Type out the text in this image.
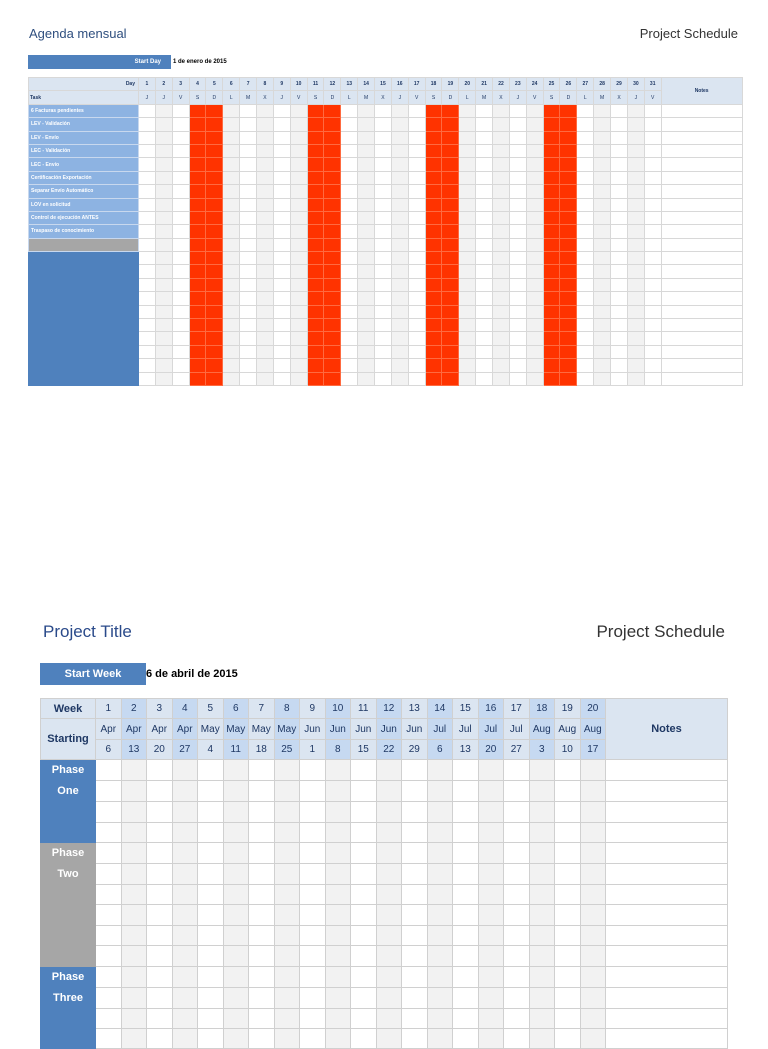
Agenda mensual	Project Schedule
Start Day	1 de enero de 2015
Day	1	2	3	4	5	6	7	8	9	10	11	12	13	14	15	16	17	18	19	20	21	22	23	24	25	26	27	28	29	30	31	Notes
Task	J	J	V	S	D	L	M	X	J	V	S	D	L	M	X	J	V	S	D	L	M	X	J	V	S	D	L	M	X	J	V	
6 Facturas pendientes																																
LEV - Validación																																
LEV - Envío																																
LEC - Validación																																
LEC - Envío																																
Certificación Exportación																																
Separar Envío Automático																																
LOV en solicitud																																
Control de ejecución ANTES																																
Traspaso de conocimiento																																

Project Title	Project Schedule
Start Week	6 de abril de 2015
Week	1	2	3	4	5	6	7	8	9	10	11	12	13	14	15	16	17	18	19	20	Notes
Starting	Apr	Apr	Apr	Apr	May	May	May	May	Jun	Jun	Jun	Jun	Jun	Jul	Jul	Jul	Jul	Aug	Aug	Aug	
	6	13	20	27	4	11	18	25	1	8	15	22	29	6	13	20	27	3	10	17	
Phase																					
One																					

Phase																					
Two																					

Phase																					
Three																					
